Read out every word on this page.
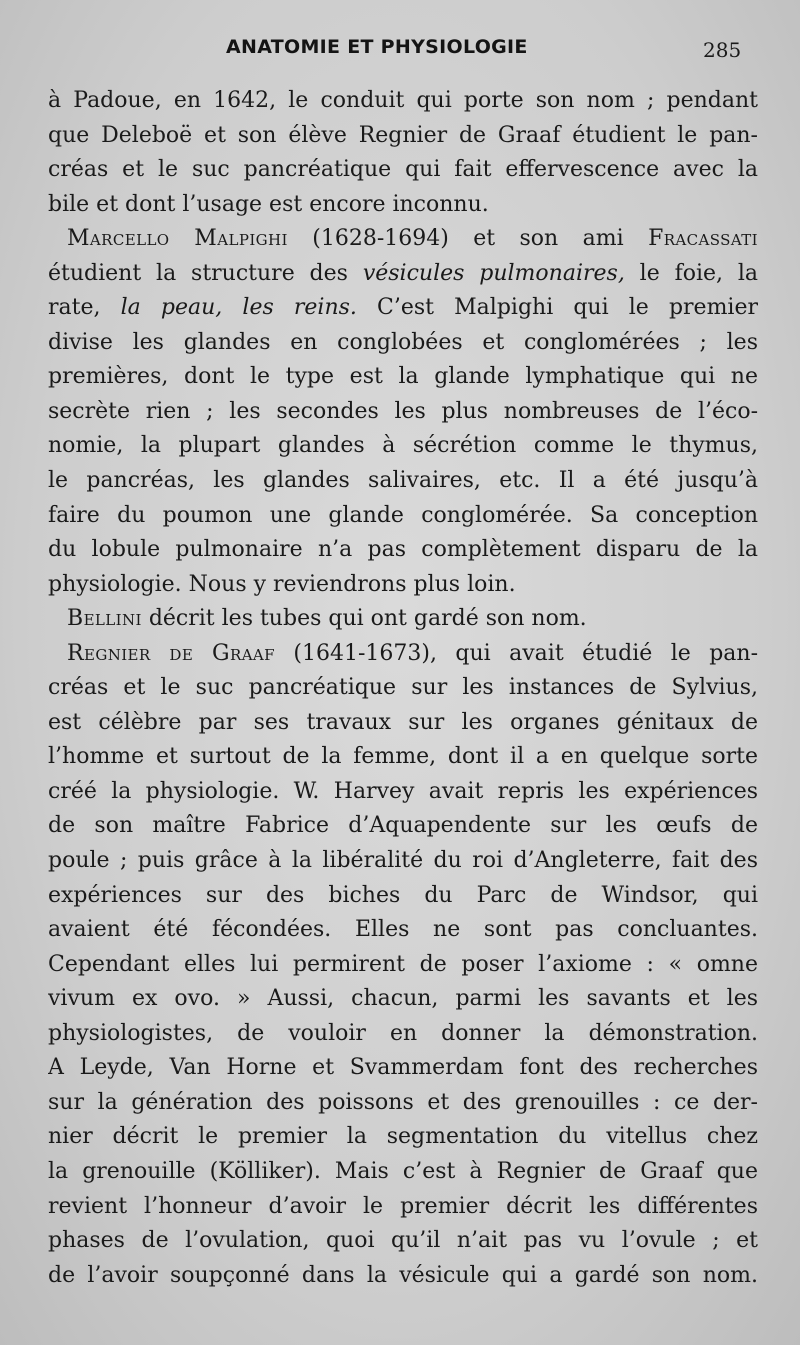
ANATOMIE ET PHYSIOLOGIE	285
à Padoue, en 1642, le conduit qui porte son nom ; pendant
que Deleboë et son élève Regnier de Graaf étudient le pan-
créas et le suc pancréatique qui fait effervescence avec la
bile et dont l’usage est encore inconnu.
Marcello Malpighi (1628-1694) et son ami Fracassati
étudient la structure des vésicules pulmonaires, le foie, la
rate, la peau, les reins. C’est Malpighi qui le premier
divise les glandes en conglobées et conglomérées ; les
premières, dont le type est la glande lymphatique qui ne
secrète rien ; les secondes les plus nombreuses de l’éco-
nomie, la plupart glandes à sécrétion comme le thymus,
le pancréas, les glandes salivaires, etc. Il a été jusqu’à
faire du poumon une glande conglomérée. Sa conception
du lobule pulmonaire n’a pas complètement disparu de la
physiologie. Nous y reviendrons plus loin.
Bellini décrit les tubes qui ont gardé son nom.
Regnier de Graaf (1641-1673), qui avait étudié le pan-
créas et le suc pancréatique sur les instances de Sylvius,
est célèbre par ses travaux sur les organes génitaux de
l’homme et surtout de la femme, dont il a en quelque sorte
créé la physiologie. W. Harvey avait repris les expériences
de son maître Fabrice d’Aquapendente sur les œufs de
poule ; puis grâce à la libéralité du roi d’Angleterre, fait des
expériences sur des biches du Parc de Windsor, qui
avaient été fécondées. Elles ne sont pas concluantes.
Cependant elles lui permirent de poser l’axiome : « omne
vivum ex ovo. » Aussi, chacun, parmi les savants et les
physiologistes, de vouloir en donner la démonstration.
A Leyde, Van Horne et Svammerdam font des recherches
sur la génération des poissons et des grenouilles : ce der-
nier décrit le premier la segmentation du vitellus chez
la grenouille (Kölliker). Mais c’est à Regnier de Graaf que
revient l’honneur d’avoir le premier décrit les différentes
phases de l’ovulation, quoi qu’il n’ait pas vu l’ovule ; et
de l’avoir soupçonné dans la vésicule qui a gardé son nom.
